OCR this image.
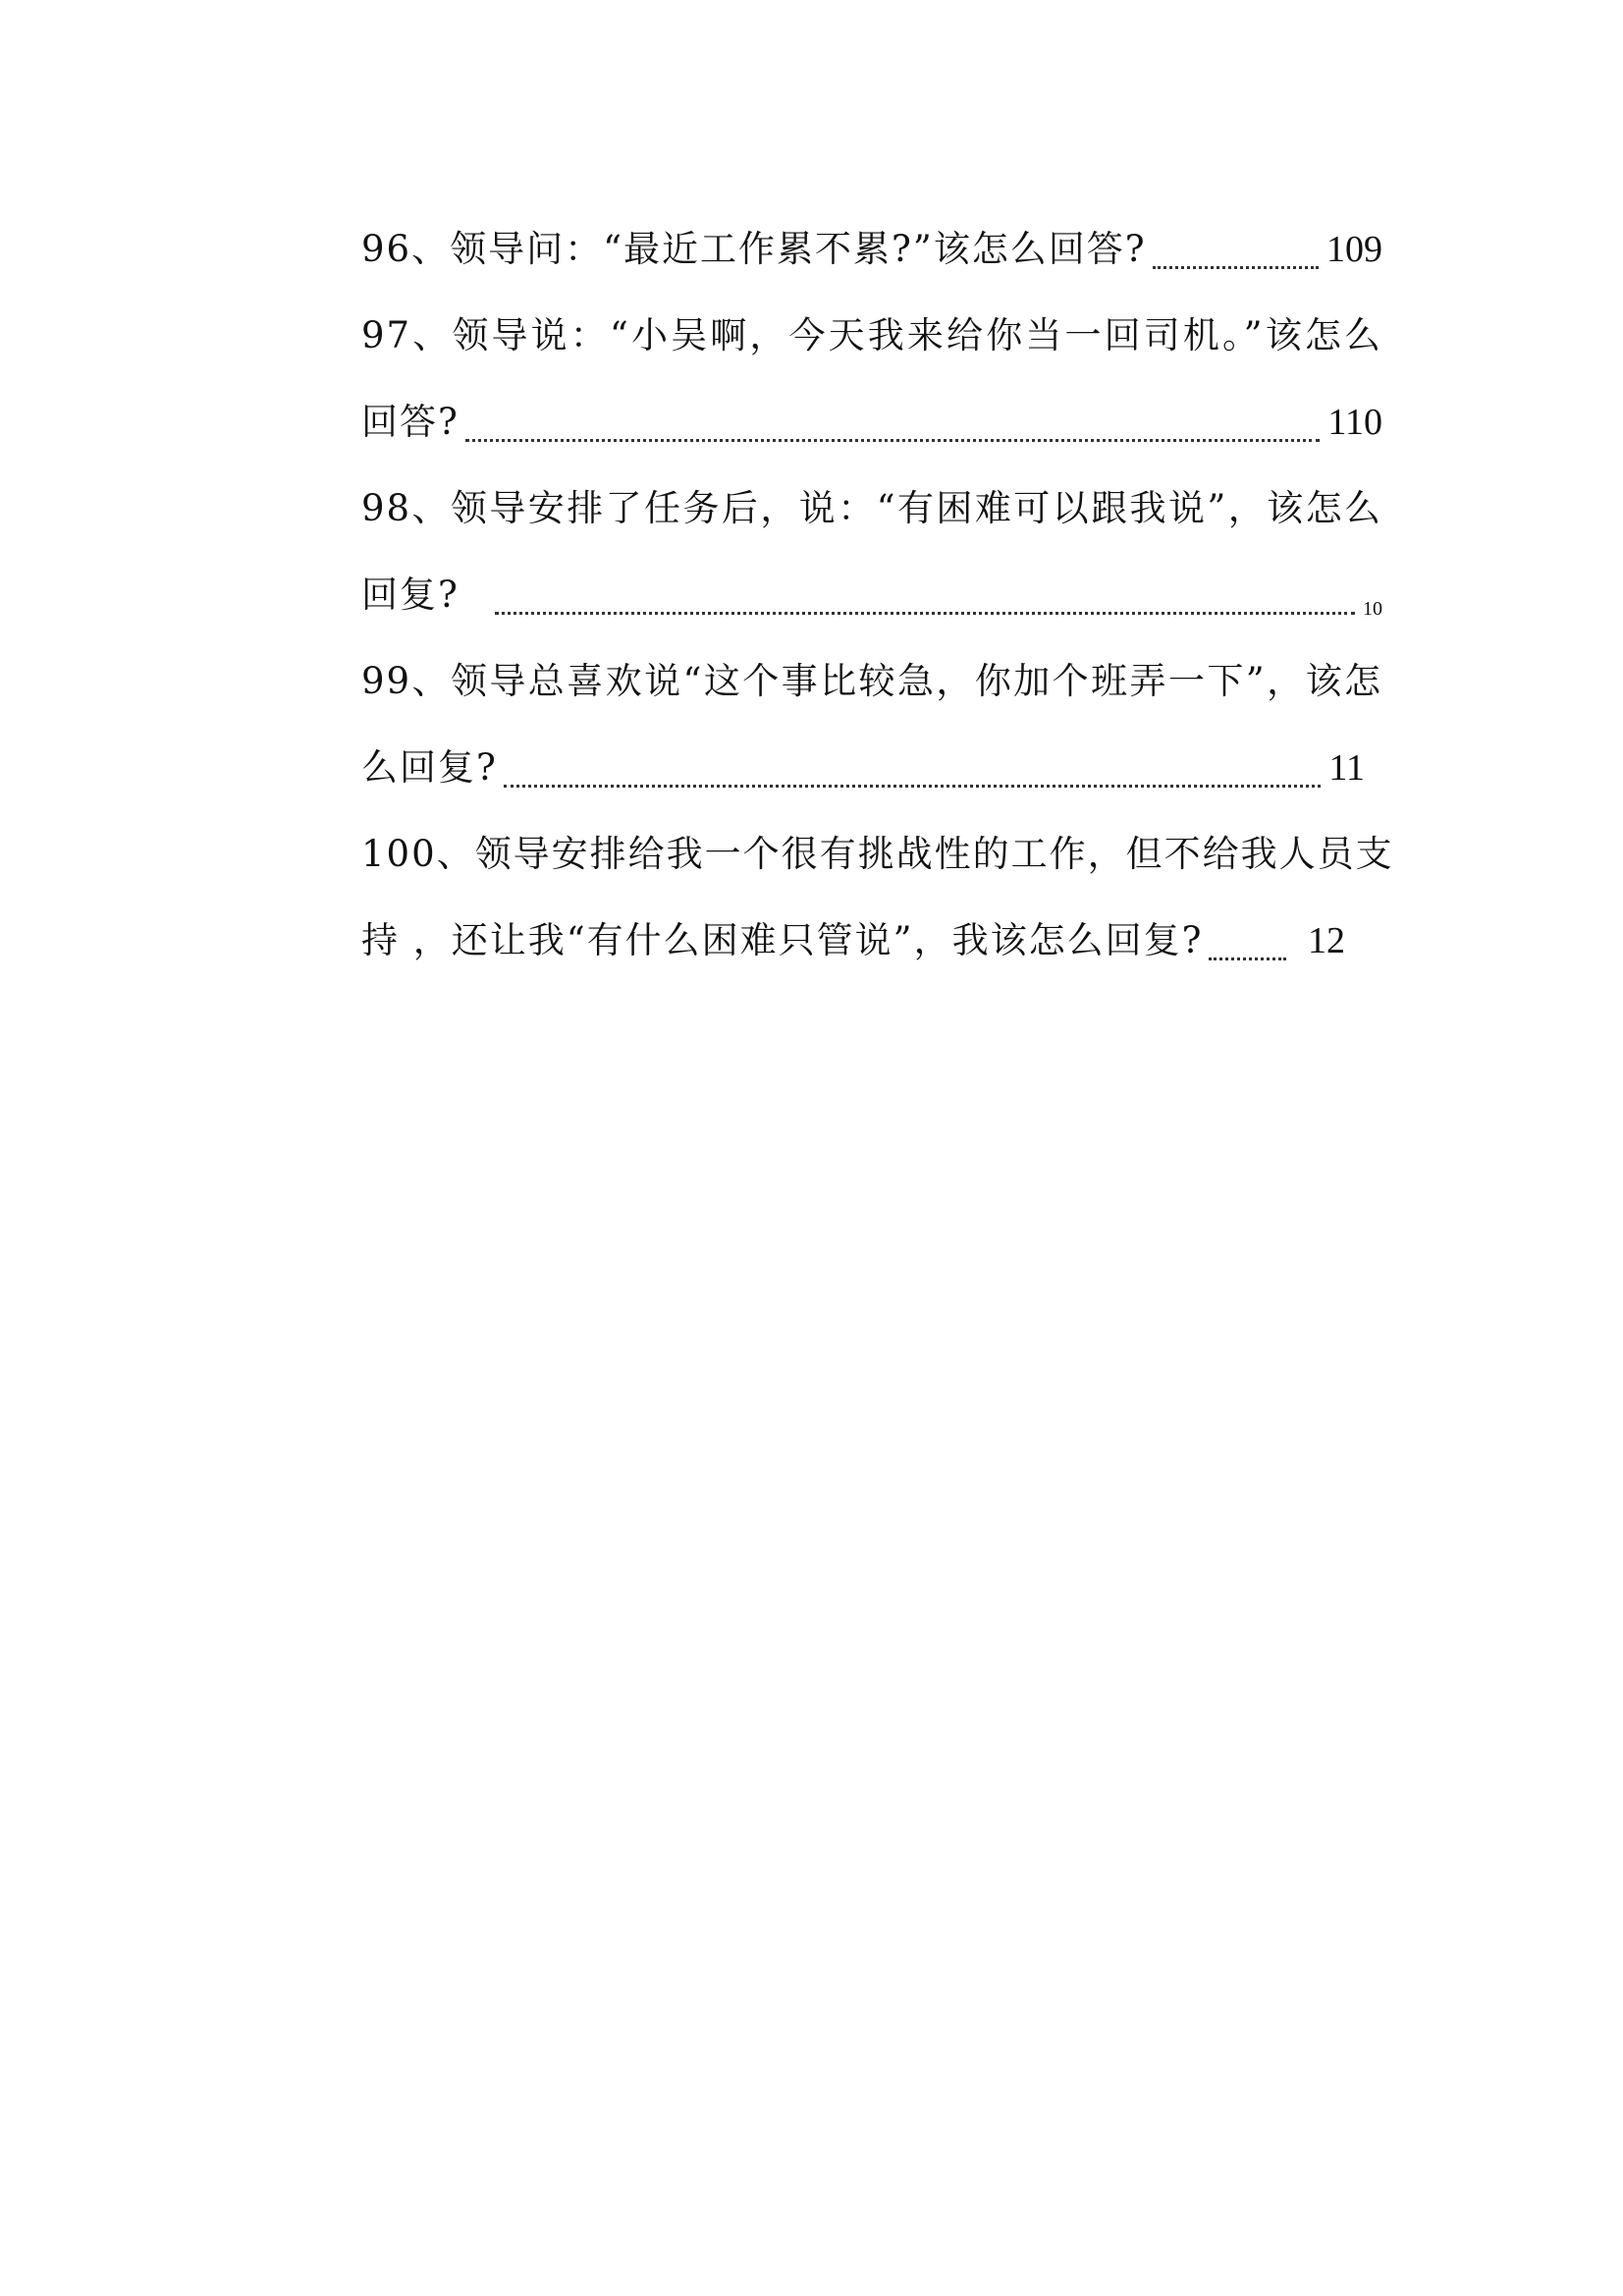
96、领导问：“最近工作累不累?”该怎么回答?	109
97、领导说：“小吴啊，今天我来给你当一回司机。”该怎么
回答?	110
98、领导安排了任务后，说：“有困难可以跟我说”，该怎么
回复?	10
99、领导总喜欢说“这个事比较急，你加个班弄一下”，该怎
么回复?	11
100、领导安排给我一个很有挑战性的工作，但不给我人员支
持 ，还让我“有什么困难只管说”，我该怎么回复?	12
